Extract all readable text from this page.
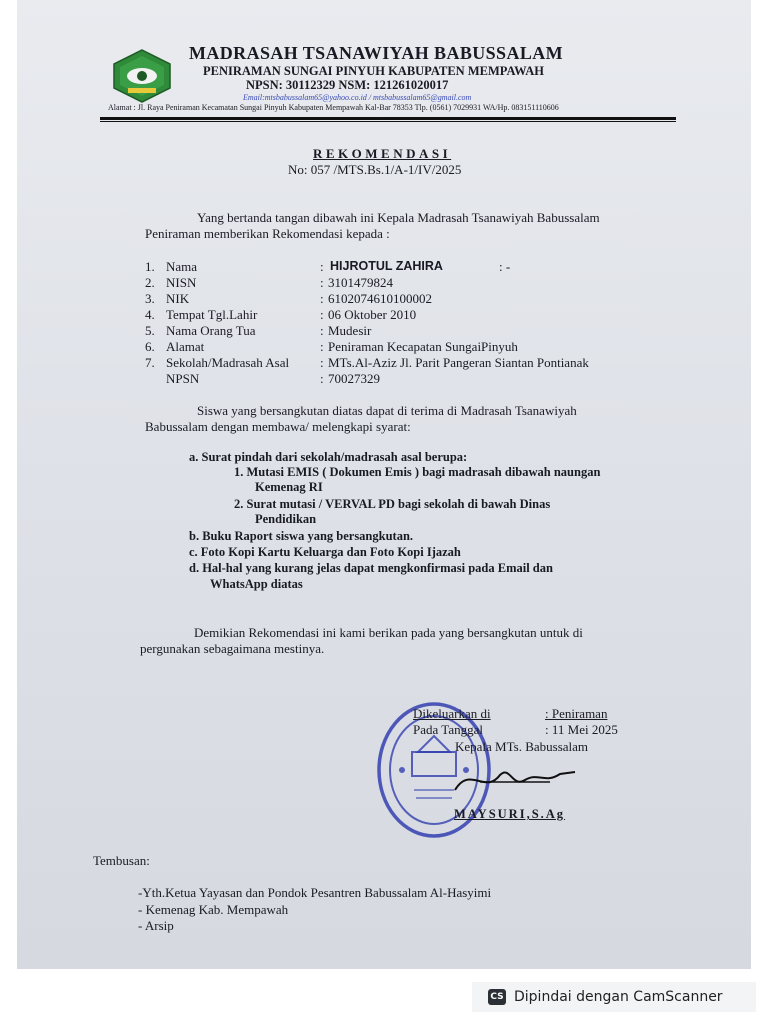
MADRASAH TSANAWIYAH BABUSSALAM
PENIRAMAN SUNGAI PINYUH KABUPATEN MEMPAWAH
NPSN: 30112329 NSM: 121261020017
Email:mtsbabussalam65@yahoo.co.id / mtsbabussalam65@gmail.com
Alamat : Jl. Raya Peniraman Kecamatan Sungai Pinyuh Kabupaten Mempawah Kal-Bar 78353 Tlp. (0561) 7029931 WA/Hp. 083151110606
REKOMENDASI
No: 057 /MTS.Bs.1/A-1/IV/2025
Yang bertanda tangan dibawah ini Kepala Madrasah Tsanawiyah Babussalam
Peniraman memberikan Rekomendasi kepada :
1. Nama	: HIJROTUL ZAHIRA	: -
2. NISN	: 3101479824
3. NIK	: 6102074610100002
4. Tempat Tgl.Lahir	: 06 Oktober 2010
5. Nama Orang Tua	: Mudesir
6. Alamat	: Peniraman Kecapatan SungaiPinyuh
7. Sekolah/Madrasah Asal : MTs.Al-Aziz Jl. Parit Pangeran Siantan Pontianak
NPSN	: 70027329
Siswa yang bersangkutan diatas dapat di terima di Madrasah Tsanawiyah
Babussalam dengan membawa/ melengkapi syarat:
a. Surat pindah dari sekolah/madrasah asal berupa:
1. Mutasi EMIS ( Dokumen Emis ) bagi madrasah dibawah naungan
Kemenag RI
2. Surat mutasi / VERVAL PD bagi sekolah di bawah Dinas
Pendidikan
b. Buku Raport siswa yang bersangkutan.
c. Foto Kopi Kartu Keluarga dan Foto Kopi Ijazah
d. Hal-hal yang kurang jelas dapat mengkonfirmasi pada Email dan
WhatsApp diatas
Demikian Rekomendasi ini kami berikan pada yang bersangkutan untuk di
pergunakan sebagaimana mestinya.
Dikeluarkan di	: Peniraman
Pada Tanggal	: 11 Mei 2025
Kepala MTs. Babussalam
MAYSURI,S.Ag
Tembusan:
-Yth.Ketua Yayasan dan Pondok Pesantren Babussalam Al-Hasyimi
- Kemenag Kab. Mempawah
- Arsip
CS Dipindai dengan CamScanner
